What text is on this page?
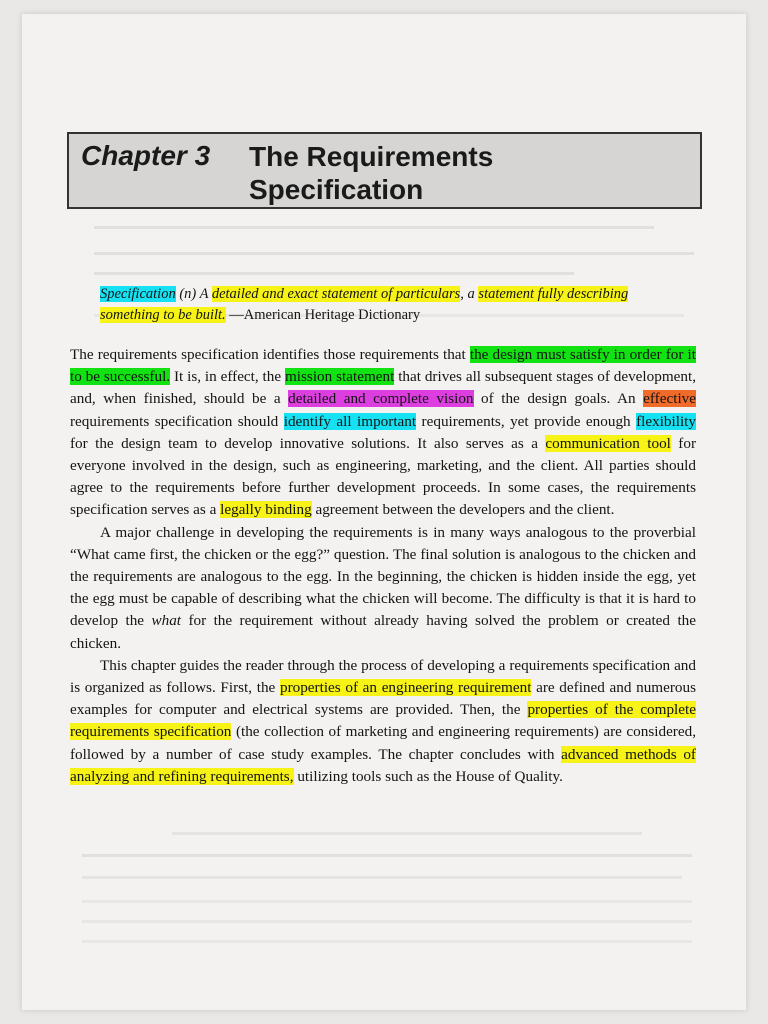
Chapter 3 The Requirements
Specification
Specification (n) A detailed and exact statement of particulars, a statement fully describing
something to be built. —American Heritage Dictionary

The requirements specification identifies those requirements that the design must satisfy in order for it to be successful. It is, in effect, the mission statement that drives all subsequent stages of development, and, when finished, should be a detailed and complete vision of the design goals. An effective requirements specification should identify all important requirements, yet provide enough flexibility for the design team to develop innovative solutions. It also serves as a communication tool for everyone involved in the design, such as engineering, marketing, and the client. All parties should agree to the requirements before further development proceeds. In some cases, the requirements specification serves as a legally binding agreement between the developers and the client.

A major challenge in developing the requirements is in many ways analogous to the proverbial “What came first, the chicken or the egg?” question. The final solution is analogous to the chicken and the requirements are analogous to the egg. In the beginning, the chicken is hidden inside the egg, yet the egg must be capable of describing what the chicken will become. The difficulty is that it is hard to develop the what for the requirement without already having solved the problem or created the chicken.

This chapter guides the reader through the process of developing a requirements specification and is organized as follows. First, the properties of an engineering requirement are defined and numerous examples for computer and electrical systems are provided. Then, the properties of the complete requirements specification (the collection of marketing and engineering requirements) are considered, followed by a number of case study examples. The chapter concludes with advanced methods of analyzing and refining requirements, utilizing tools such as the House of Quality.
